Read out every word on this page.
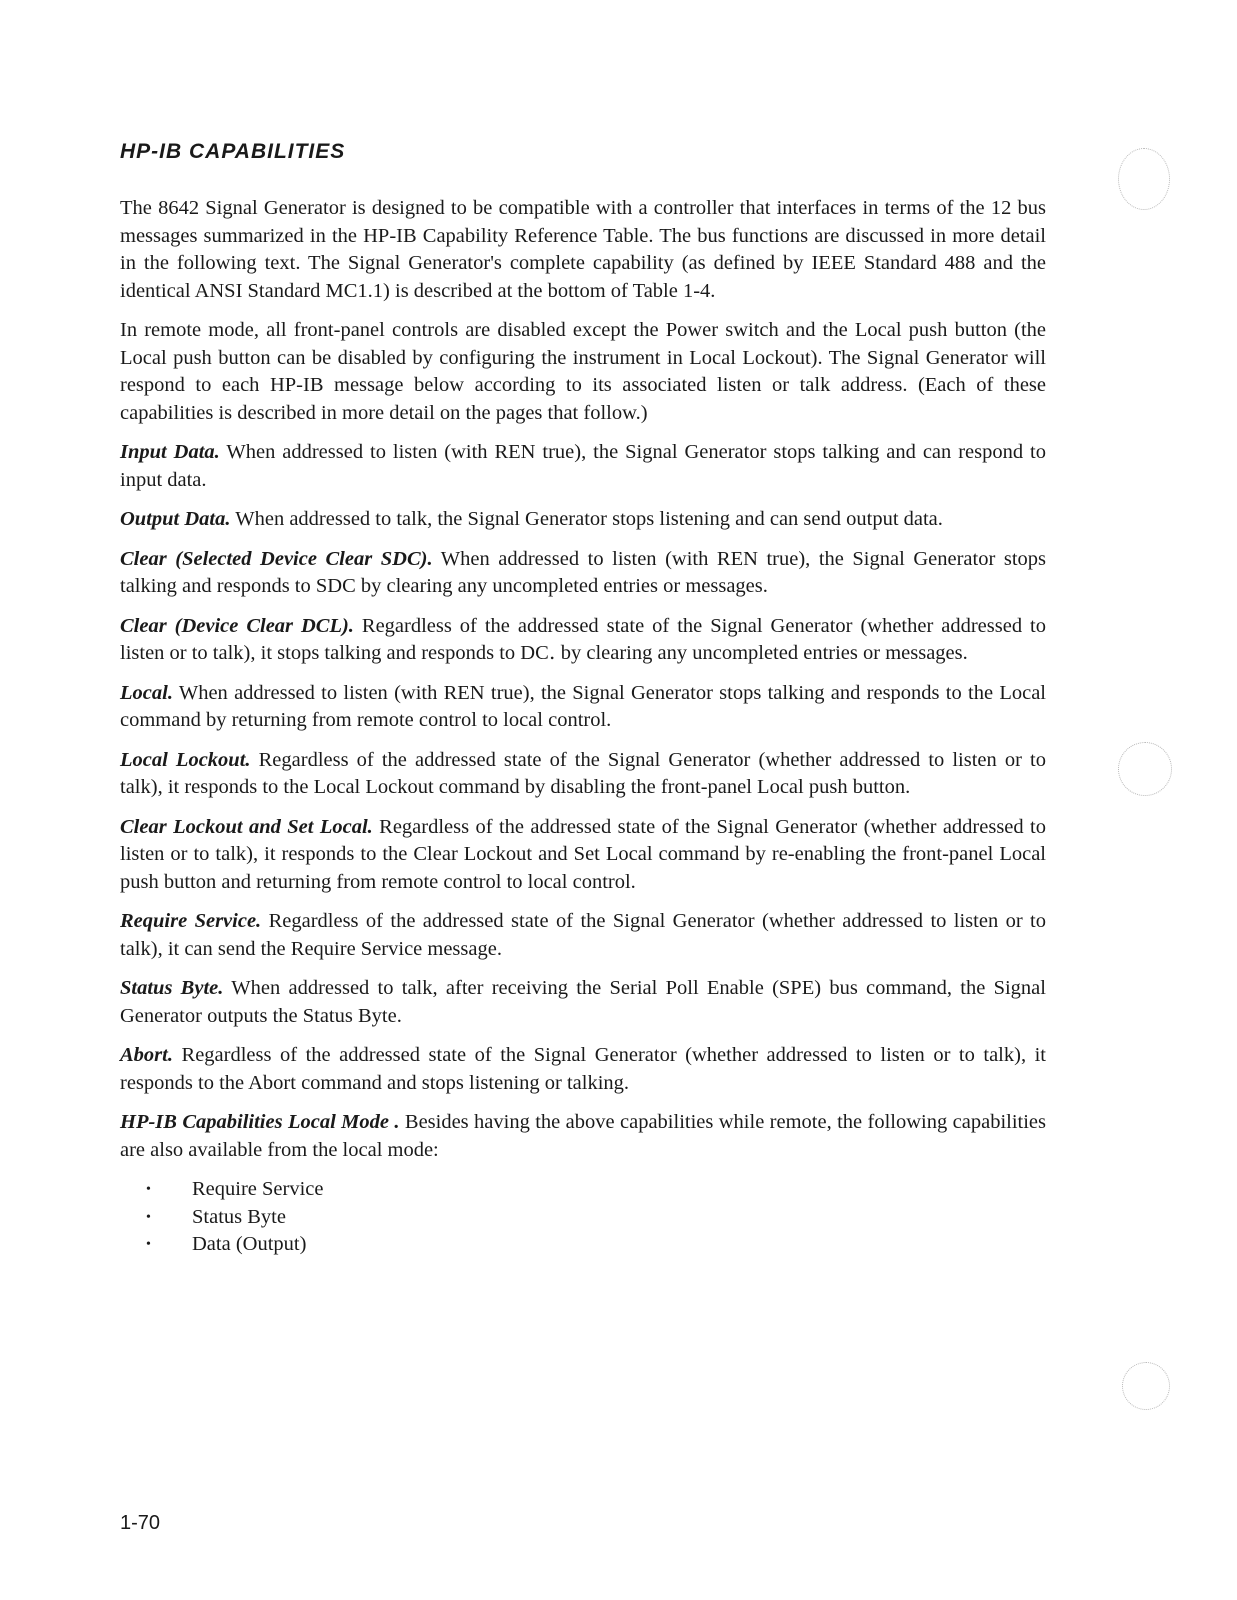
HP-IB CAPABILITIES

The 8642 Signal Generator is designed to be compatible with a controller that interfaces in terms of the 12 bus messages summarized in the HP-IB Capability Reference Table. The bus functions are discussed in more detail in the following text. The Signal Generator's complete capability (as defined by IEEE Standard 488 and the identical ANSI Standard MC1.1) is described at the bottom of Table 1-4.

In remote mode, all front-panel controls are disabled except the Power switch and the Local push button (the Local push button can be disabled by configuring the instrument in Local Lockout). The Signal Generator will respond to each HP-IB message below according to its associated listen or talk address. (Each of these capabilities is described in more detail on the pages that follow.)

Input Data. When addressed to listen (with REN true), the Signal Generator stops talking and can respond to input data.

Output Data. When addressed to talk, the Signal Generator stops listening and can send output data.

Clear (Selected Device Clear SDC). When addressed to listen (with REN true), the Signal Generator stops talking and responds to SDC by clearing any uncompleted entries or messages.

Clear (Device Clear DCL). Regardless of the addressed state of the Signal Generator (whether addressed to listen or to talk), it stops talking and responds to DC․ by clearing any uncompleted entries or messages.

Local. When addressed to listen (with REN true), the Signal Generator stops talking and responds to the Local command by returning from remote control to local control.

Local Lockout. Regardless of the addressed state of the Signal Generator (whether addressed to listen or to talk), it responds to the Local Lockout command by disabling the front-panel Local push button.

Clear Lockout and Set Local. Regardless of the addressed state of the Signal Generator (whether addressed to listen or to talk), it responds to the Clear Lockout and Set Local command by re-enabling the front-panel Local push button and returning from remote control to local control.

Require Service. Regardless of the addressed state of the Signal Generator (whether addressed to listen or to talk), it can send the Require Service message.

Status Byte. When addressed to talk, after receiving the Serial Poll Enable (SPE) bus command, the Signal Generator outputs the Status Byte.

Abort. Regardless of the addressed state of the Signal Generator (whether addressed to listen or to talk), it responds to the Abort command and stops listening or talking.

HP-IB Capabilities Local Mode . Besides having the above capabilities while remote, the following capabilities are also available from the local mode:

• Require Service
• Status Byte
• Data (Output)
1-70
